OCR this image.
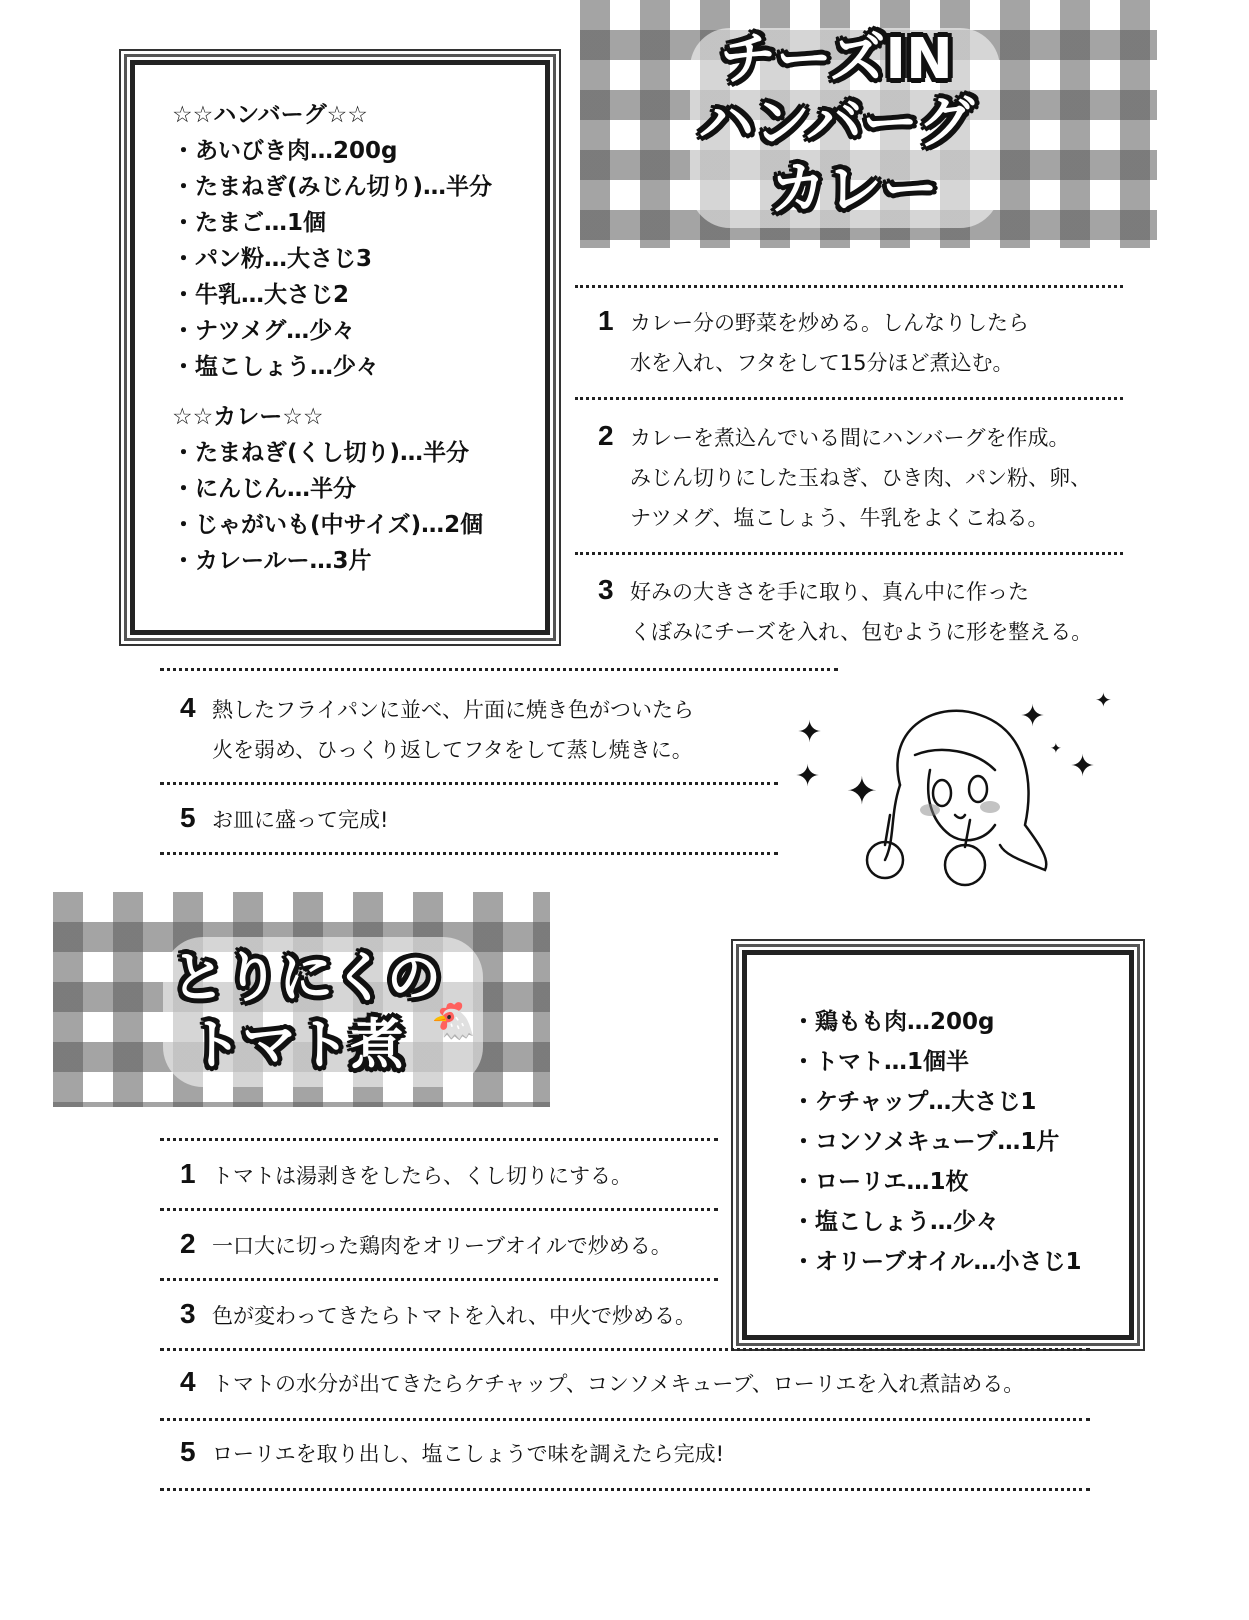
チーズIN
ハンバーグ
カレー
☆☆ハンバーグ☆☆
・あいびき肉…200g
・たまねぎ(みじん切り)…半分
・たまご…1個
・パン粉…大さじ3
・牛乳…大さじ2
・ナツメグ…少々
・塩こしょう…少々
☆☆カレー☆☆
・たまねぎ(くし切り)…半分
・にんじん…半分
・じゃがいも(中サイズ)…2個
・カレールー…3片
1 カレー分の野菜を炒める。しんなりしたら
水を入れ、フタをして15分ほど煮込む。
2 カレーを煮込んでいる間にハンバーグを作成。
みじん切りにした玉ねぎ、ひき肉、パン粉、卵、
ナツメグ、塩こしょう、牛乳をよくこねる。
3 好みの大きさを手に取り、真ん中に作った
くぼみにチーズを入れ、包むように形を整える。
4 熱したフライパンに並べ、片面に焼き色がついたら
火を弱め、ひっくり返してフタをして蒸し焼きに。
5 お皿に盛って完成!
✦
✦ ✦
✦
✦
✦
✦
とりにくの
トマト煮 🐔	・鶏もも肉…200g
・トマト…1個半
・ケチャップ…大さじ1
・コンソメキューブ…1片
・ローリエ…1枚
・塩こしょう…少々
・オリーブオイル…小さじ1
1 トマトは湯剥きをしたら、くし切りにする。
2 一口大に切った鶏肉をオリーブオイルで炒める。
3 色が変わってきたらトマトを入れ、中火で炒める。
4 トマトの水分が出てきたらケチャップ、コンソメキューブ、ローリエを入れ煮詰める。
5 ローリエを取り出し、塩こしょうで味を調えたら完成!
